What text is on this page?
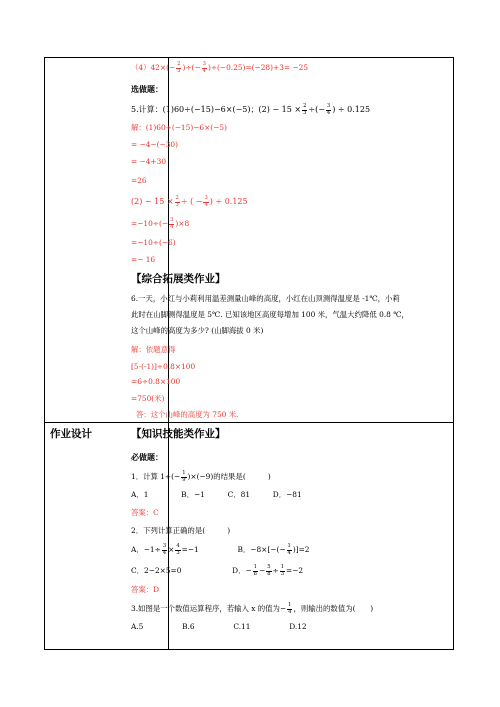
$(4)42\times(- \frac{2}{3}$ )÷(− $\frac{3}{4} )\div(-0.25)=(-28)+3= -25$
选做题：
5.计算：(1)60÷(−15)−6×(−5)；$(2) - 15 \times \frac{2}{3}$ ÷(− $\frac{3}{4}$ ) ÷ 0.125
解：(1)60÷(−15)−6×(−5)
= −4−(−30)
= −4+30
=26
$(2) - 15 \times \frac{2}{3}$ ÷ ( − $\frac{3}{4}$ ) ÷ 0.125
$=-10\div(- \frac{3}{4} )\times 8$
=−10÷(−6)
=− 16
【综合拓展类作业】
6.一天，小红与小莉利用温差测量山峰的高度，小红在山顶测得温度是 -1℃，小莉
此时在山脚测得温度是 5℃. 已知该地区高度每增加 100 米，气温大约降低 0.8 ℃，
这个山峰的高度为多少? (山脚海拔 0 米)
解：依题意得
[5-(-1)]÷0.8×100
=6÷0.8×100
=750(米)
答：这个山峰的高度为 750 米.
作业设计	【知识技能类作业】
必做题：
1．计算 $1\div(- \frac{1}{9} )\times(-9)$的结果是(　　　)
A．1	B．−1	C．81	D．−81
答案：C
2．下列计算正确的是(　　　)
A．$-1\div \frac{3}{4} \times \frac{4}{3} =-1$	B．$-8\times[-(- \frac{1}{4} )]=2$
C．2−2×5=0	D．− $\frac{1}{8} - \frac{5}{8} \div \frac{1}{3} =-2$
答案：D
3.如图是一个数值运算程序，若输入 x 的值为− $\frac{1}{4}$ ，则输出的数值为(　　)
A.5	B.6	C.11	D.12
